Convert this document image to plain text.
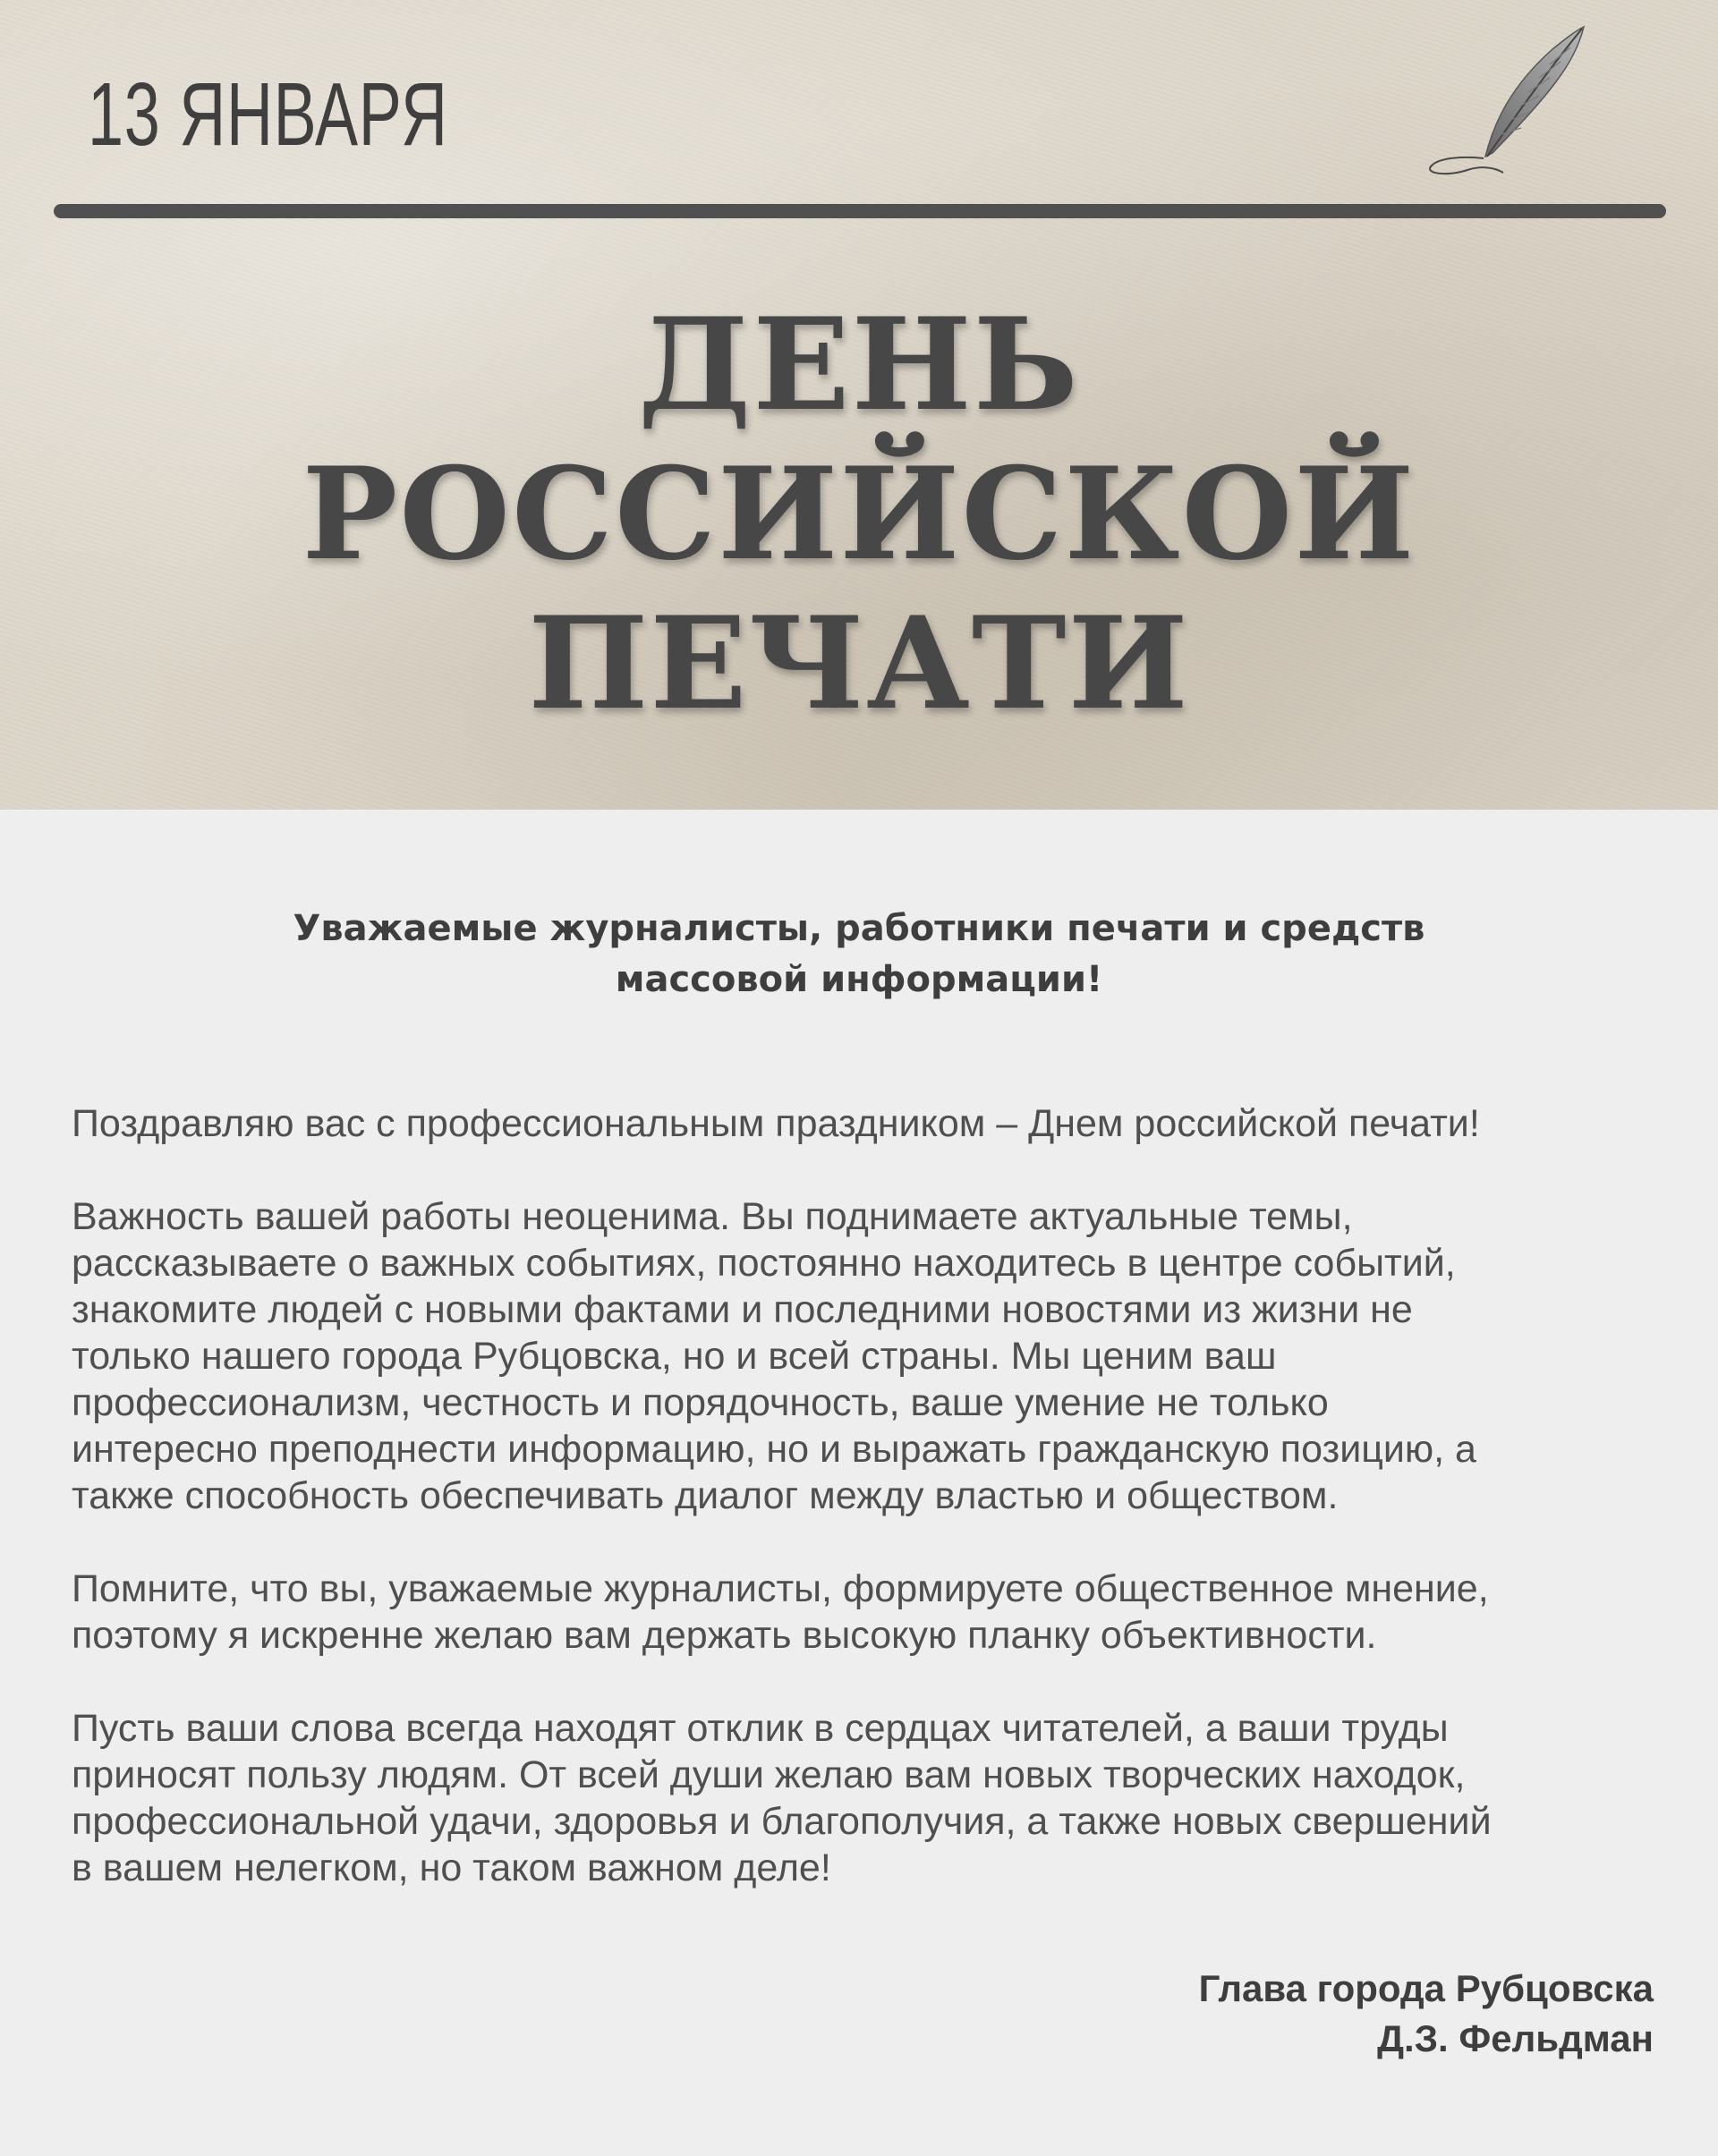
13 ЯНВАРЯ
ДЕНЬ
РОССИЙСКОЙ
ПЕЧАТИ
Уважаемые журналисты, работники печати и средств
массовой информации!

Поздравляю вас с профессиональным праздником – Днем российской печати!

Важность вашей работы неоценима. Вы поднимаете актуальные темы,
рассказываете о важных событиях, постоянно находитесь в центре событий,
знакомите людей с новыми фактами и последними новостями из жизни не
только нашего города Рубцовска, но и всей страны. Мы ценим ваш
профессионализм, честность и порядочность, ваше умение не только
интересно преподнести информацию, но и выражать гражданскую позицию, а
также способность обеспечивать диалог между властью и обществом.

Помните, что вы, уважаемые журналисты, формируете общественное мнение,
поэтому я искренне желаю вам держать высокую планку объективности.

Пусть ваши слова всегда находят отклик в сердцах читателей, а ваши труды
приносят пользу людям. От всей души желаю вам новых творческих находок,
профессиональной удачи, здоровья и благополучия, а также новых свершений
в вашем нелегком, но таком важном деле!

Глава города Рубцовска
Д.З. Фельдман
